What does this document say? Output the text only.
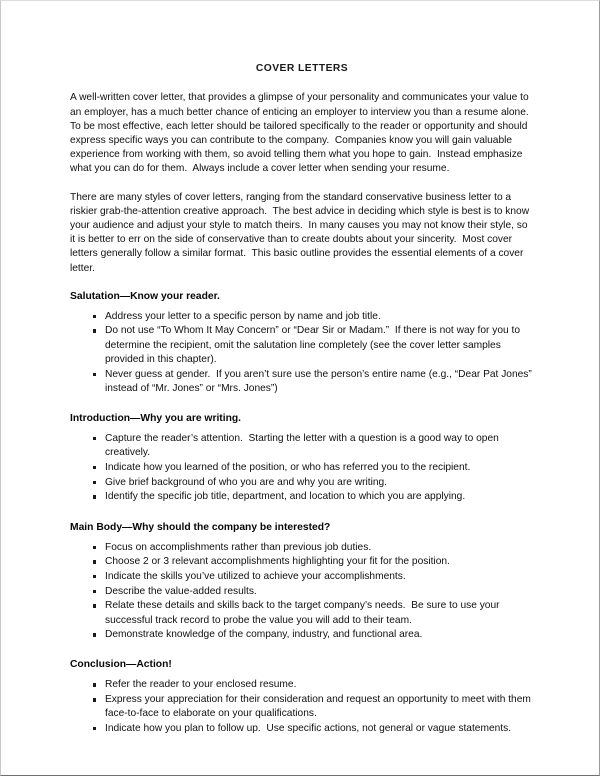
COVER LETTERS

A well-written cover letter, that provides a glimpse of your personality and communicates your value to an employer, has a much better chance of enticing an employer to interview you than a resume alone.  To be most effective, each letter should be tailored specifically to the reader or opportunity and should express specific ways you can contribute to the company.  Companies know you will gain valuable experience from working with them, so avoid telling them what you hope to gain.  Instead emphasize what you can do for them.  Always include a cover letter when sending your resume.

There are many styles of cover letters, ranging from the standard conservative business letter to a riskier grab-the-attention creative approach.  The best advice in deciding which style is best is to know your audience and adjust your style to match theirs.  In many causes you may not know their style, so it is better to err on the side of conservative than to create doubts about your sincerity.  Most cover letters generally follow a similar format.  This basic outline provides the essential elements of a cover letter.

Salutation—Know your reader.
Address your letter to a specific person by name and job title.
Do not use “To Whom It May Concern” or “Dear Sir or Madam.”  If there is not way for you to determine the recipient, omit the salutation line completely (see the cover letter samples provided in this chapter).
Never guess at gender.  If you aren’t sure use the person’s entire name (e.g., “Dear Pat Jones” instead of “Mr. Jones” or “Mrs. Jones”)
Introduction—Why you are writing.
Capture the reader’s attention.  Starting the letter with a question is a good way to open creatively.
Indicate how you learned of the position, or who has referred you to the recipient.
Give brief background of who you are and why you are writing.
Identify the specific job title, department, and location to which you are applying.
Main Body—Why should the company be interested?
Focus on accomplishments rather than previous job duties.
Choose 2 or 3 relevant accomplishments highlighting your fit for the position.
Indicate the skills you’ve utilized to achieve your accomplishments.
Describe the value-added results.
Relate these details and skills back to the target company’s needs.  Be sure to use your successful track record to probe the value you will add to their team.
Demonstrate knowledge of the company, industry, and functional area.
Conclusion—Action!
Refer the reader to your enclosed resume.
Express your appreciation for their consideration and request an opportunity to meet with them face-to-face to elaborate on your qualifications.
Indicate how you plan to follow up.  Use specific actions, not general or vague statements.
